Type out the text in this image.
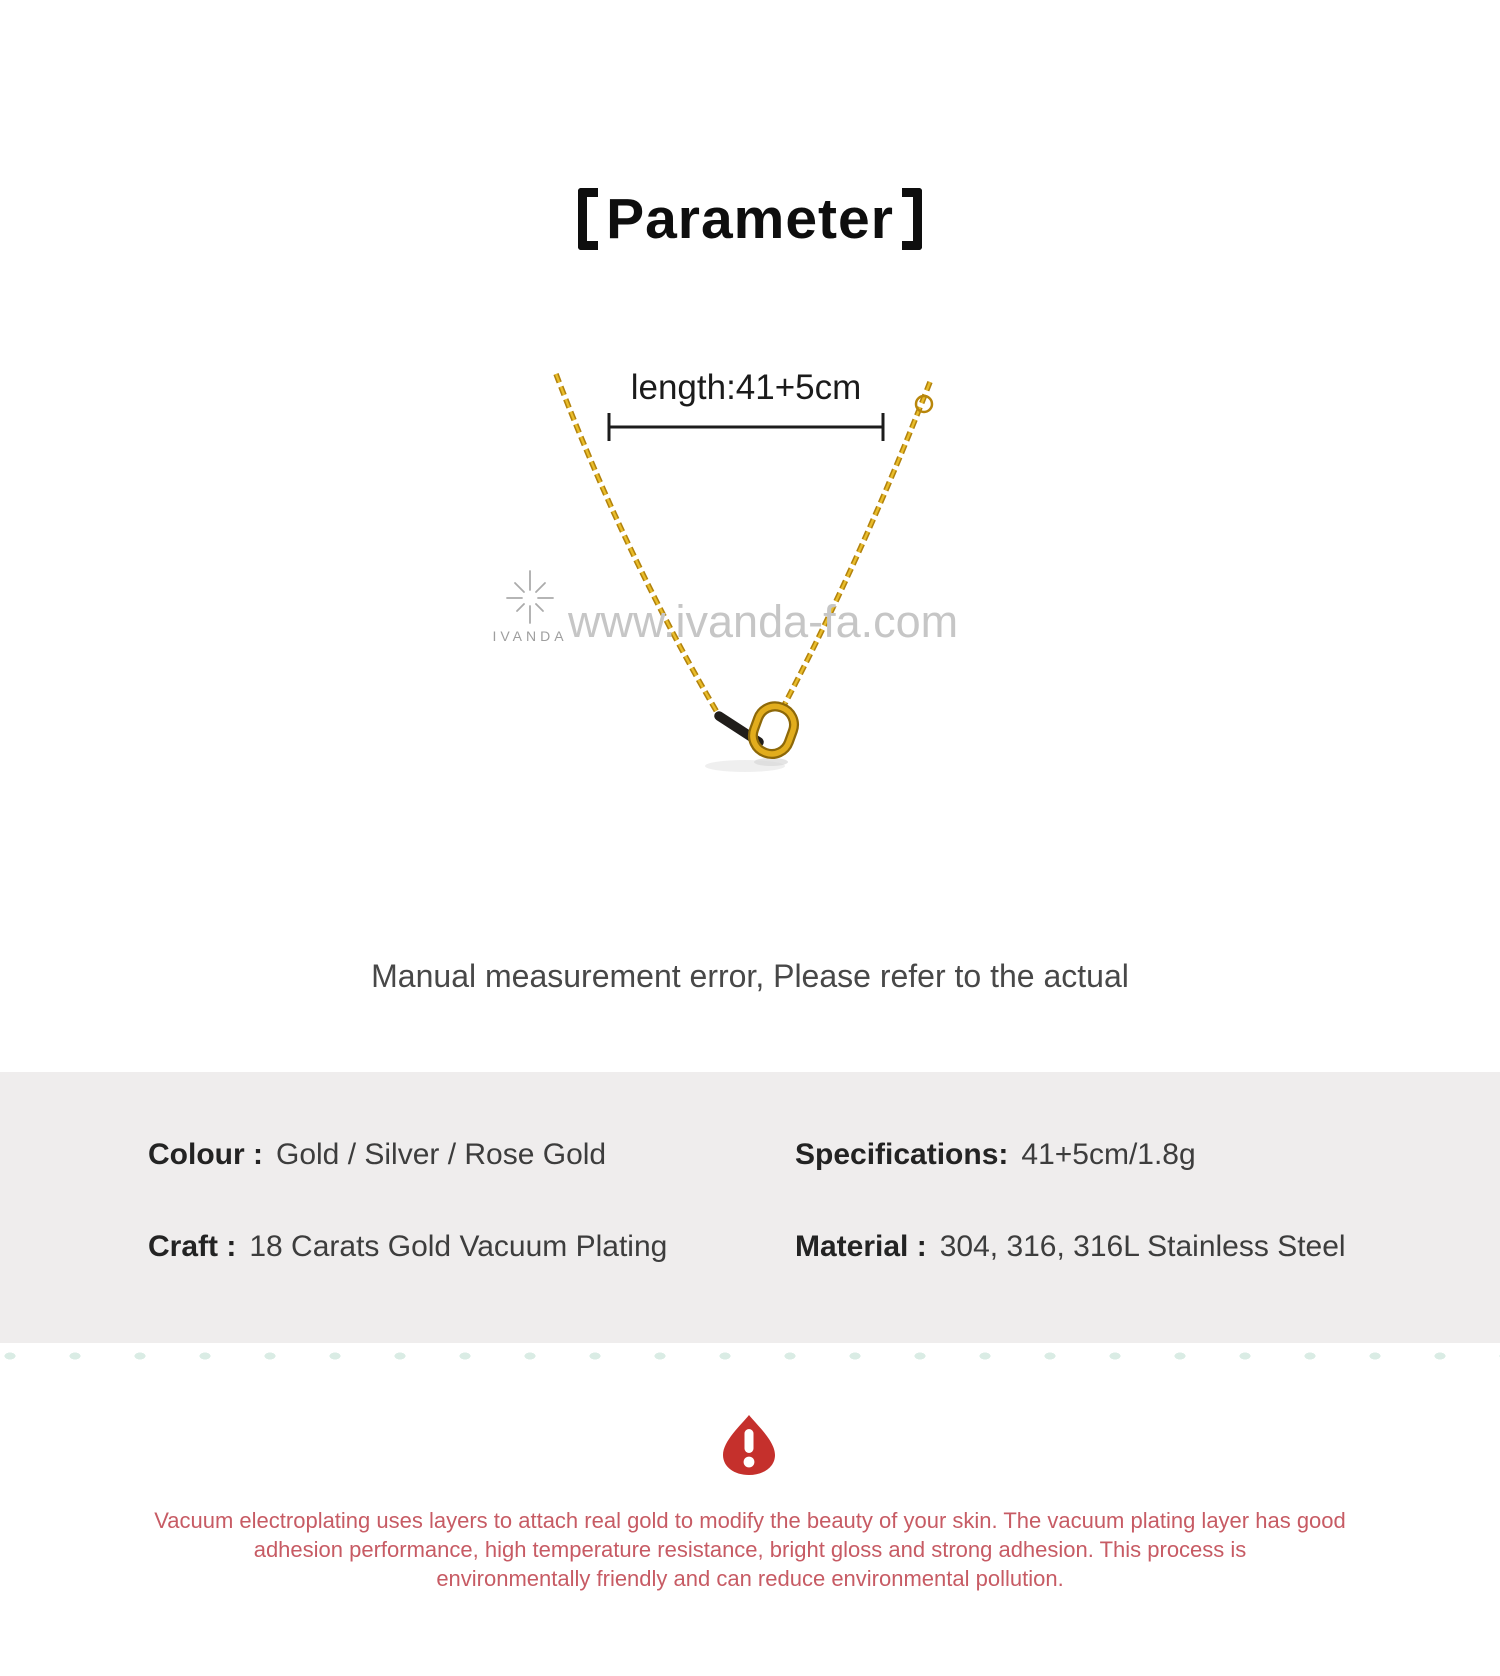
Parameter
length:41+5cm
IVANDA www.ivanda-fa.com
Manual measurement error, Please refer to the actual
Colour : Gold / Silver / Rose Gold	Specifications: 41+5cm/1.8g
Craft : 18 Carats Gold Vacuum Plating	Material : 304, 316, 316L Stainless Steel
Vacuum electroplating uses layers to attach real gold to modify the beauty of your skin. The vacuum plating layer has good
adhesion performance, high temperature resistance, bright gloss and strong adhesion. This process is
environmentally friendly and can reduce environmental pollution.
